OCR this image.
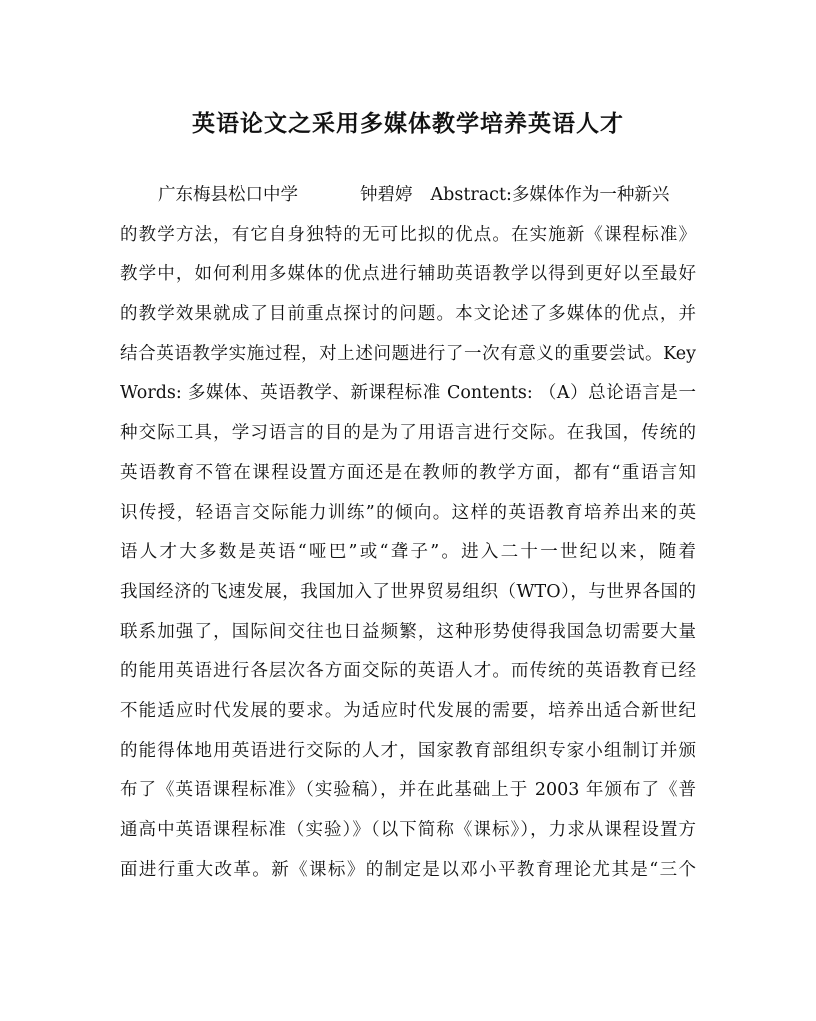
英语论文之采用多媒体教学培养英语人才
广东梅县松口中学	钟碧婷 Abstract:多媒体作为一种新兴
的教学方法，有它自身独特的无可比拟的优点。在实施新《课程标准》
教学中，如何利用多媒体的优点进行辅助英语教学以得到更好以至最好
的教学效果就成了目前重点探讨的问题。本文论述了多媒体的优点，并
结合英语教学实施过程，对上述问题进行了一次有意义的重要尝试。Key
Words: 多媒体、英语教学、新课程标准 Contents: （A）总论语言是一
种交际工具，学习语言的目的是为了用语言进行交际。在我国，传统的
英语教育不管在课程设置方面还是在教师的教学方面，都有“重语言知
识传授，轻语言交际能力训练”的倾向。这样的英语教育培养出来的英
语人才大多数是英语“哑巴”或“聋子”。进入二十一世纪以来，随着
我国经济的飞速发展，我国加入了世界贸易组织（WTO），与世界各国的
联系加强了，国际间交往也日益频繁，这种形势使得我国急切需要大量
的能用英语进行各层次各方面交际的英语人才。而传统的英语教育已经
不能适应时代发展的要求。为适应时代发展的需要，培养出适合新世纪
的能得体地用英语进行交际的人才，国家教育部组织专家小组制订并颁
布了《英语课程标准》（实验稿），并在此基础上于 2003 年颁布了《普
通高中英语课程标准（实验）》（以下简称《课标》），力求从课程设置方
面进行重大改革。新《课标》的制定是以邓小平教育理论尤其是“三个
